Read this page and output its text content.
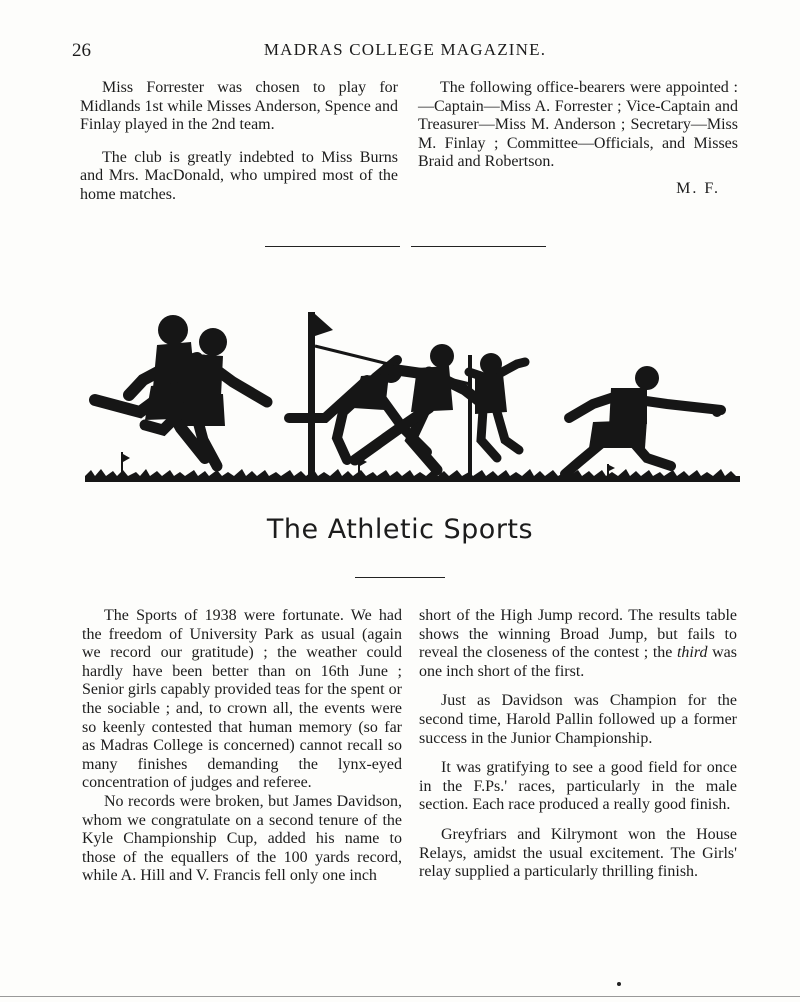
26	MADRAS COLLEGE MAGAZINE.

Miss Forrester was chosen to play for Midlands 1st while Misses Anderson, Spence and Finlay played in the 2nd team.

The club is greatly indebted to Miss Burns and Mrs. MacDonald, who umpired most of the home matches.

The following office-bearers were appointed :—Captain—Miss A. Forrester ; Vice-Captain and Treasurer—Miss M. Anderson ; Secretary—Miss M. Finlay ; Committee—Officials, and Misses Braid and Robertson.

M. F.
The Athletic Sports

The Sports of 1938 were fortunate. We had the freedom of University Park as usual (again we record our gratitude) ; the weather could hardly have been better than on 16th June ; Senior girls capably provided teas for the spent or the sociable ; and, to crown all, the events were so keenly contested that human memory (so far as Madras College is concerned) cannot recall so many finishes demanding the lynx-eyed concentration of judges and referee.

No records were broken, but James Davidson, whom we congratulate on a second tenure of the Kyle Championship Cup, added his name to those of the equallers of the 100 yards record, while A. Hill and V. Francis fell only one inch

short of the High Jump record. The results table shows the winning Broad Jump, but fails to reveal the closeness of the contest ; the third was one inch short of the first.

Just as Davidson was Champion for the second time, Harold Pallin followed up a former success in the Junior Championship.

It was gratifying to see a good field for once in the F.Ps.' races, particularly in the male section. Each race produced a really good finish.

Greyfriars and Kilrymont won the House Relays, amidst the usual excitement. The Girls' relay supplied a particularly thrilling finish.
